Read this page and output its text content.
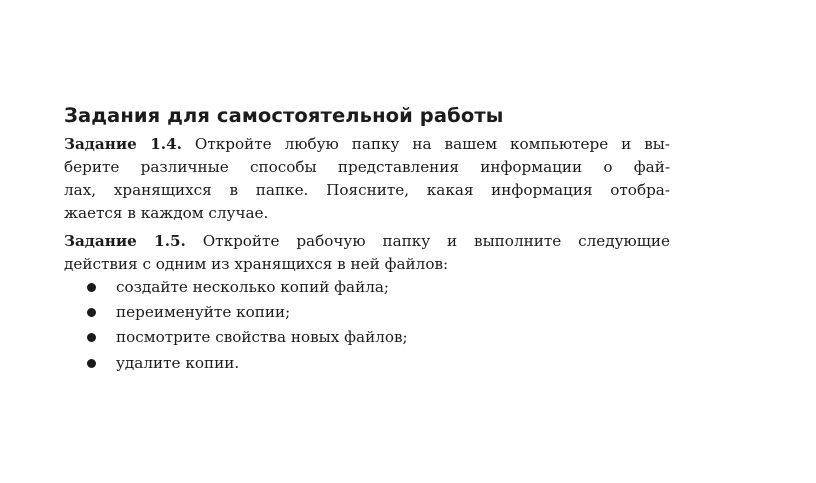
Задания для самостоятельной работы
Задание 1.4. Откройте любую папку на вашем компьютере и вы-
берите различные способы представления информации о фай-
лах, хранящихся в папке. Поясните, какая информация отобра-
жается в каждом случае.
Задание 1.5. Откройте рабочую папку и выполните следующие
действия с одним из хранящихся в ней файлов:
создайте несколько копий файла;
переименуйте копии;
посмотрите свойства новых файлов;
удалите копии.
